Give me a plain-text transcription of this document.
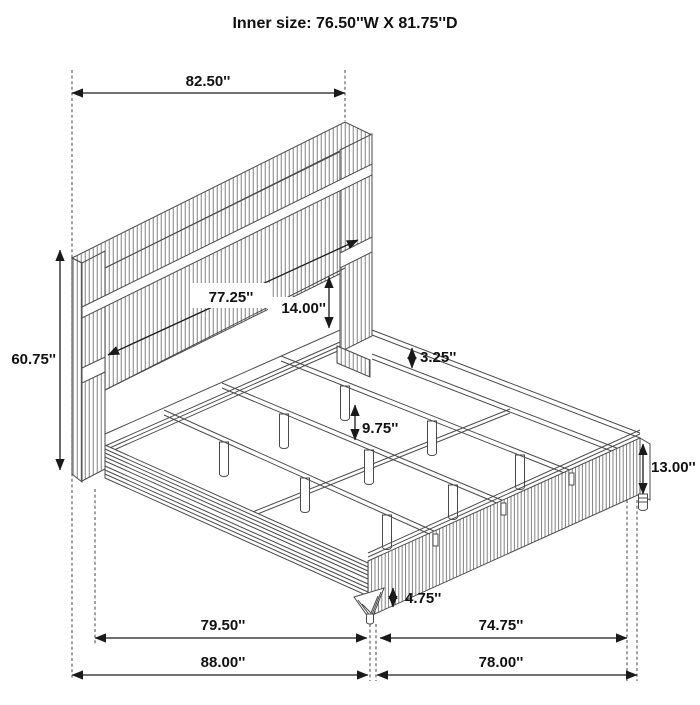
82.50''
60.75''
77.25''
14.00''
3.25''
9.75''
13.00''
4.75''
79.50''	74.75''
88.00''	78.00''
Inner size: 76.50''W X 81.75''D
